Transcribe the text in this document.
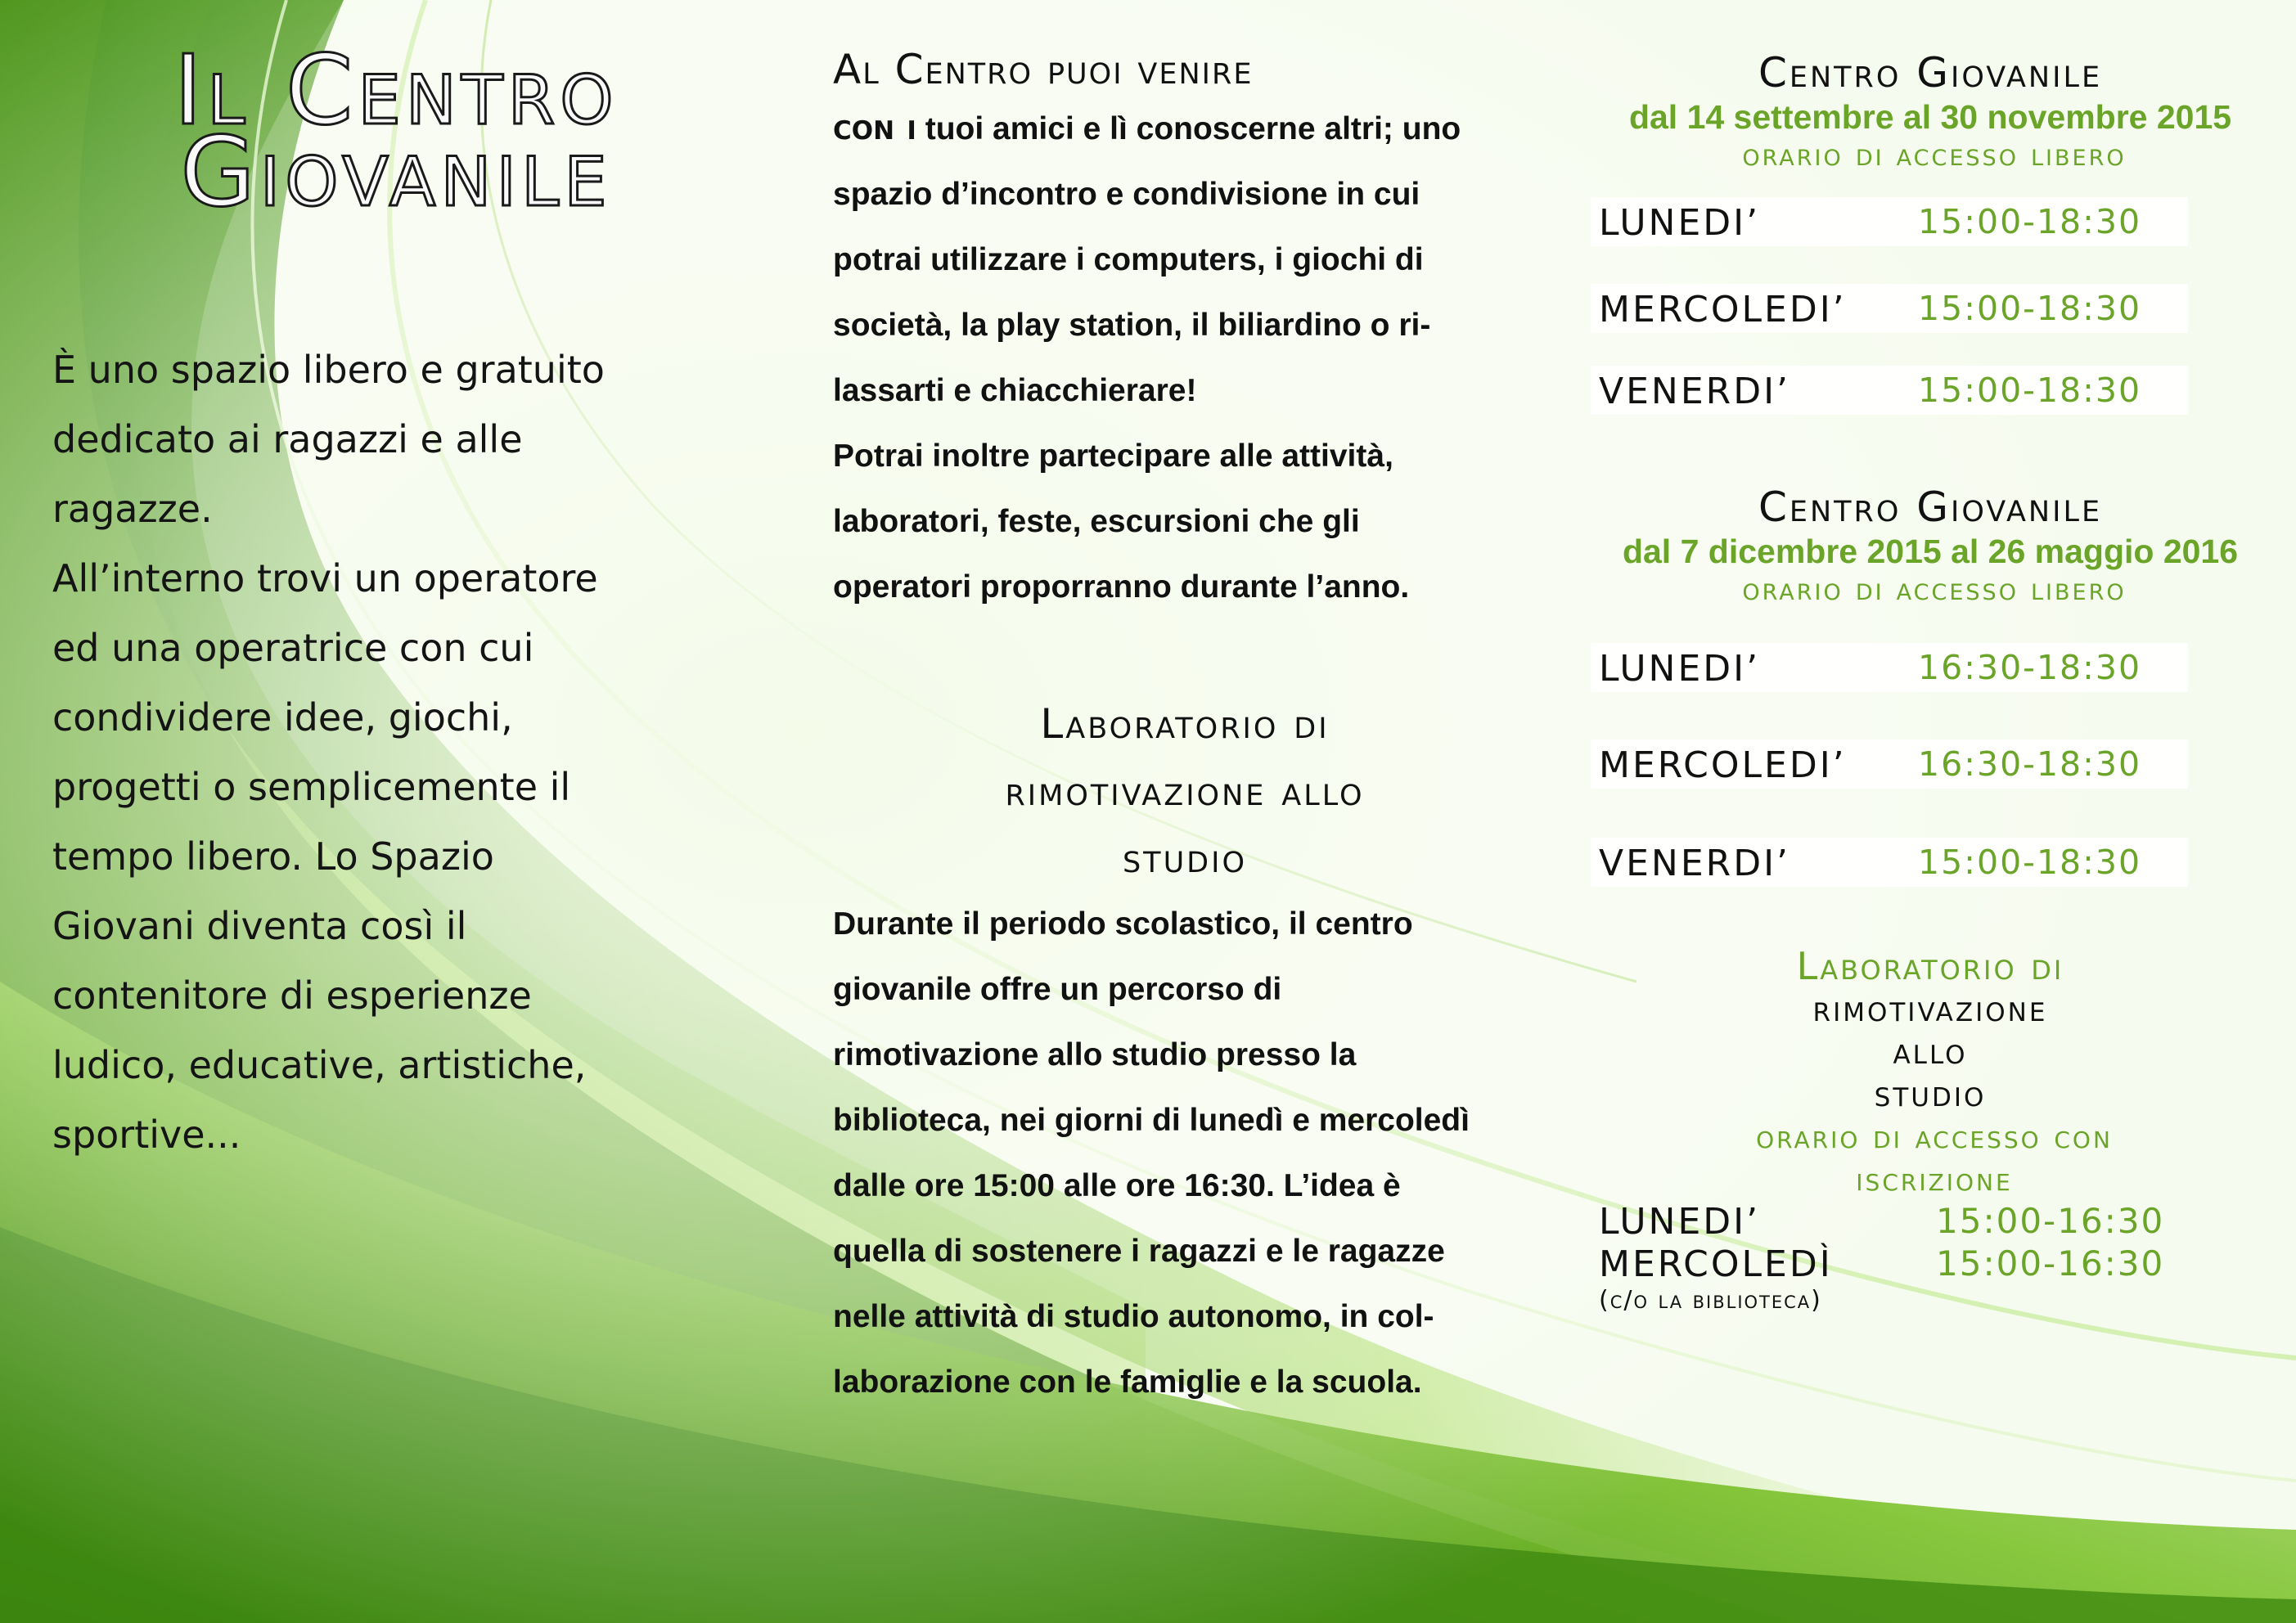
Il Centro
Giovanile
È uno spazio libero e gratuito
dedicato ai ragazzi e alle
ragazze.
All’interno trovi un operatore
ed una operatrice con cui
condividere idee, giochi,
progetti o semplicemente il
tempo libero. Lo Spazio
Giovani diventa così il
contenitore di esperienze
ludico, educative, artistiche,
sportive...
Al Centro puoi venire
con i tuoi amici e lì conoscerne altri; uno
spazio d’incontro e condivisione in cui
potrai utilizzare i computers, i giochi di
società, la play station, il biliardino o ri-
lassarti e chiacchierare!
Potrai inoltre partecipare alle attività,
laboratori, feste, escursioni che gli
operatori proporranno durante l’anno.
Laboratorio di
rimotivazione allo
studio
Durante il periodo scolastico, il centro
giovanile offre un percorso di
rimotivazione allo studio presso la
biblioteca, nei giorni di lunedì e mercoledì
dalle ore 15:00 alle ore 16:30. L’idea è
quella di sostenere i ragazzi e le ragazze
nelle attività di studio autonomo, in col-
laborazione con le famiglie e la scuola.
Centro Giovanile
dal 14 settembre al 30 novembre 2015
orario di accesso libero
LUNEDI’	15:00-18:30
MERCOLEDI’ 15:00-18:30
VENERDI’	15:00-18:30
Centro Giovanile
dal 7 dicembre 2015 al 26 maggio 2016
orario di accesso libero
LUNEDI’	16:30-18:30
MERCOLEDI’ 16:30-18:30
VENERDI’	15:00-18:30
Laboratorio di
rimotivazione
allo
studio
orario di accesso con
iscrizione
LUNEDI’	15:00-16:30
MERCOLEDÌ	15:00-16:30
(c/o la biblioteca)
